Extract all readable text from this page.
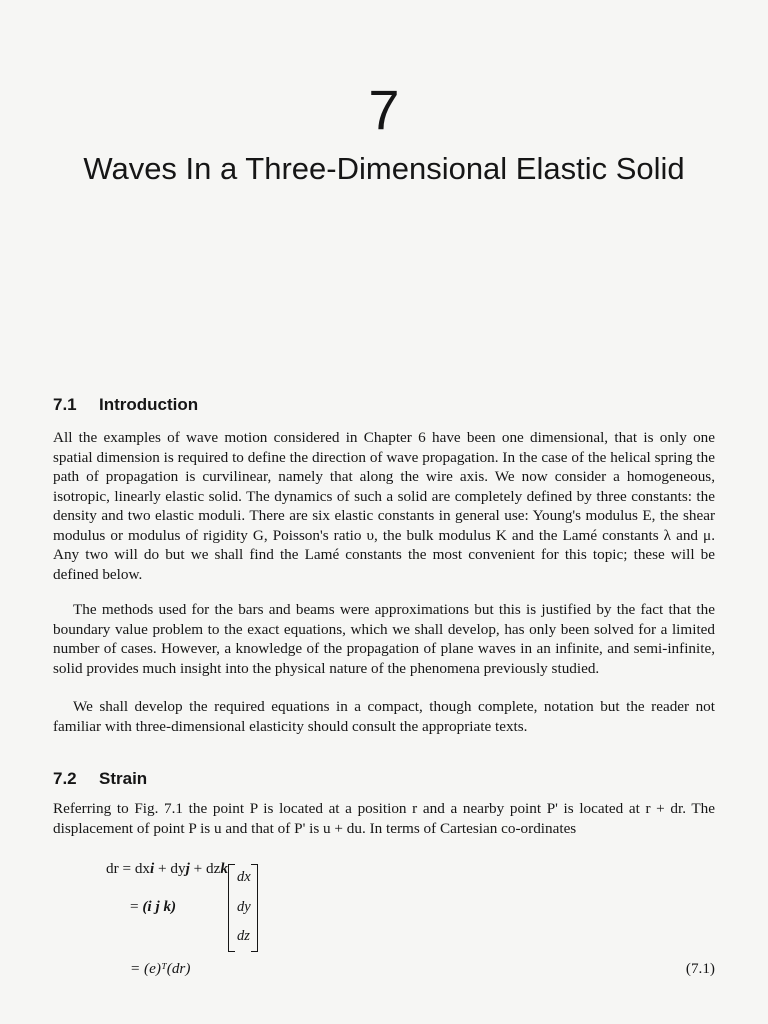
7
Waves In a Three-Dimensional Elastic Solid
7.1 Introduction

All the examples of wave motion considered in Chapter 6 have been one dimensional, that is only one spatial dimension is required to define the direction of wave propagation. In the case of the helical spring the path of propagation is curvilinear, namely that along the wire axis. We now consider a homogeneous, isotropic, linearly elastic solid. The dynamics of such a solid are completely defined by three constants: the density and two elastic moduli. There are six elastic constants in general use: Young's modulus E, the shear modulus or modulus of rigidity G, Poisson's ratio υ, the bulk modulus K and the Lamé constants λ and μ. Any two will do but we shall find the Lamé constants the most convenient for this topic; these will be defined below.

The methods used for the bars and beams were approximations but this is justified by the fact that the boundary value problem to the exact equations, which we shall develop, has only been solved for a limited number of cases. However, a knowledge of the propagation of plane waves in an infinite, and semi-infinite, solid provides much insight into the physical nature of the phenomena previously studied.

We shall develop the required equations in a compact, though complete, notation but the reader not familiar with three-dimensional elasticity should consult the appropriate texts.

7.2 Strain

Referring to Fig. 7.1 the point P is located at a position r and a nearby point P' is located at r + dr. The displacement of point P is u and that of P' is u + du. In terms of Cartesian co-ordinates

dr = dxi + dyj + dzk
= (i j k)
dx
dy
dz
= (e)ᵀ(dr)	(7.1)
